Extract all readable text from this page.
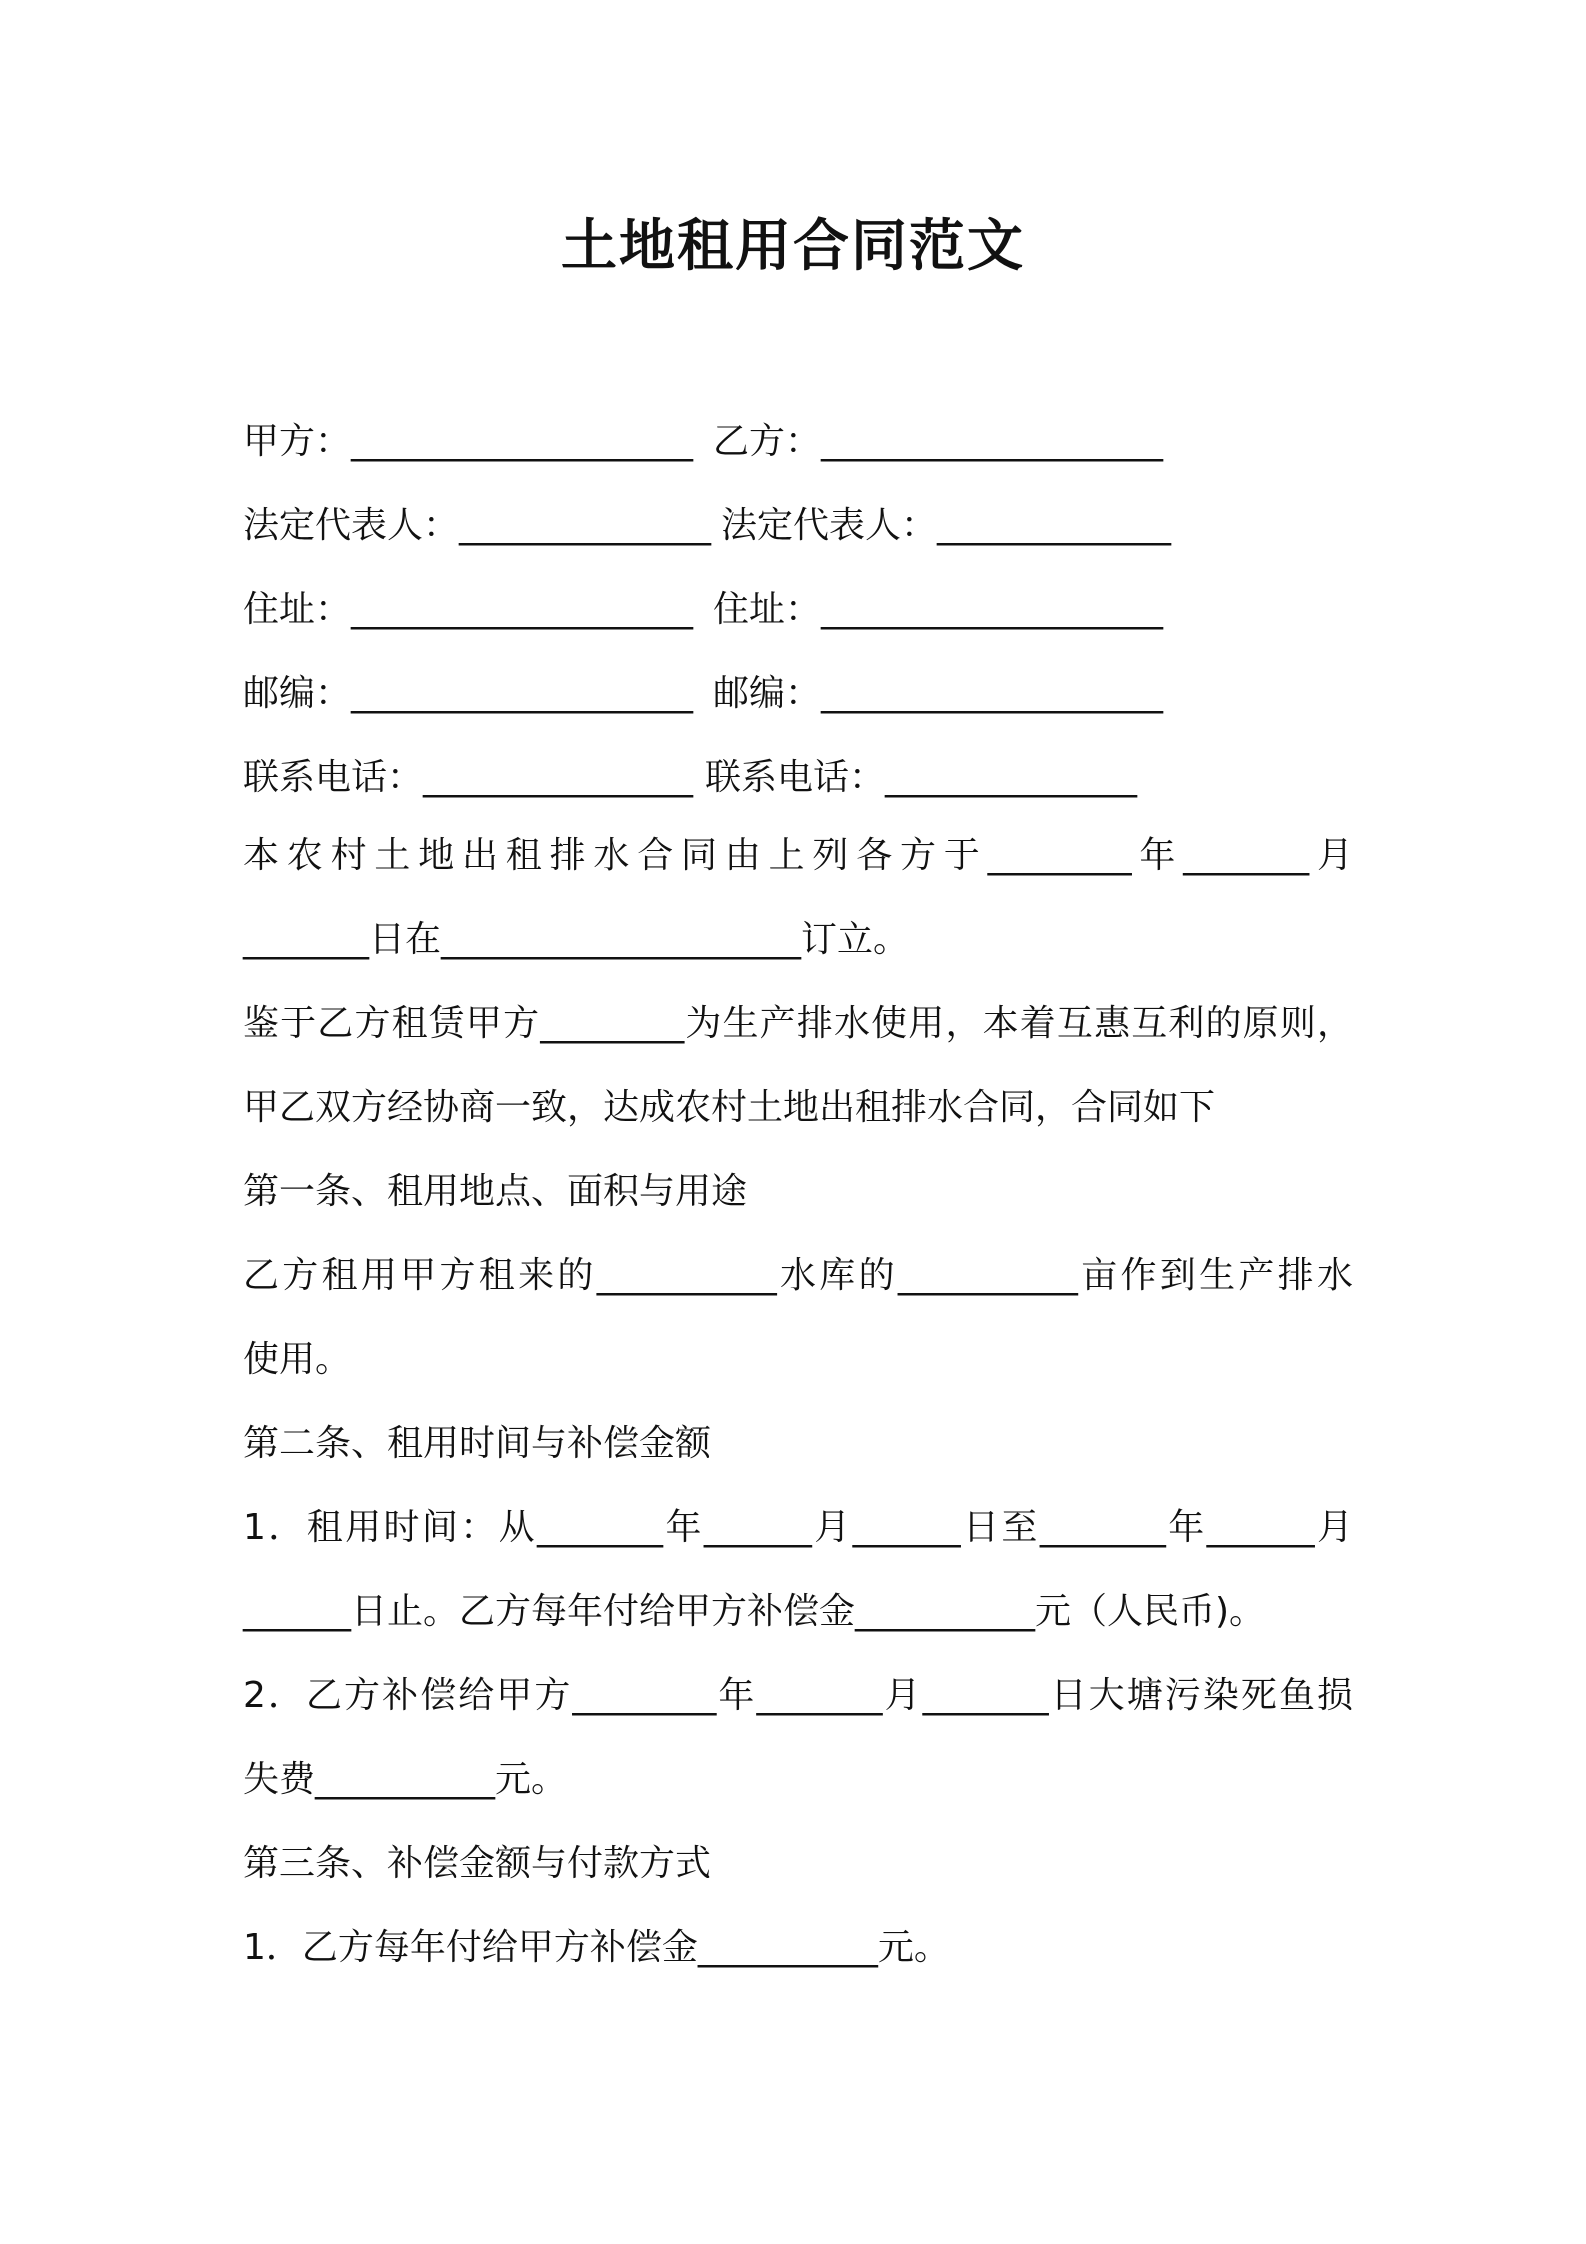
土地租用合同范文
甲方：___________________ 乙方：___________________
法定代表人：______________ 法定代表人：_____________
住址：___________________ 住址：___________________
邮编：___________________ 邮编：___________________
联系电话：_______________ 联系电话：______________
本农村土地出租排水合同由上列各方于________年_______月
_______日在____________________订立。
鉴于乙方租赁甲方________为生产排水使用，本着互惠互利的原则，
甲乙双方经协商一致，达成农村土地出租排水合同，合同如下
第一条、租用地点、面积与用途
乙方租用甲方租来的__________水库的__________亩作到生产排水
使用。
第二条、租用时间与补偿金额
1．租用时间：从_______年______月______日至_______年______月
______日止。乙方每年付给甲方补偿金__________元（人民币)。
2．乙方补偿给甲方________年_______月_______日大塘污染死鱼损
失费__________元。
第三条、补偿金额与付款方式
1．乙方每年付给甲方补偿金__________元。
